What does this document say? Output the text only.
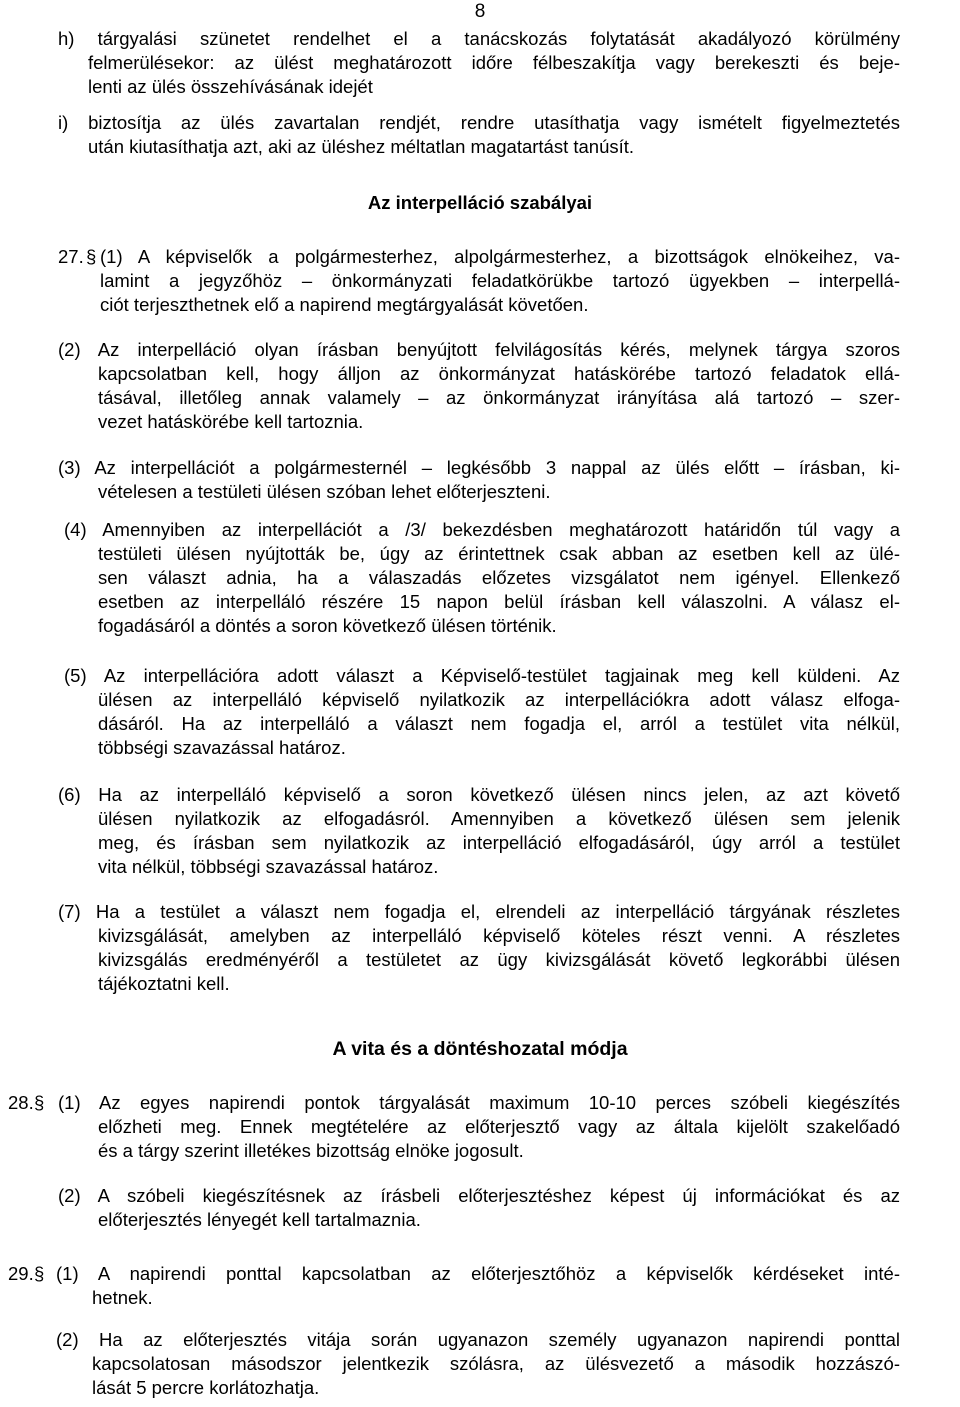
8
h) tárgyalási szünetet rendelhet el a tanácskozás folytatását akadályozó körülmény
felmerülésekor: az ülést meghatározott időre félbeszakítja vagy berekeszti és beje-
lenti az ülés összehívásának idejét
i) biztosítja az ülés zavartalan rendjét, rendre utasíthatja vagy ismételt figyelmeztetés
után kiutasíthatja azt, aki az üléshez méltatlan magatartást tanúsít.
Az interpelláció szabályai
27. § (1) A képviselők a polgármesterhez, alpolgármesterhez, a bizottságok elnökeihez, va-
lamint a jegyzőhöz – önkormányzati feladatkörükbe tartozó ügyekben – interpellá-
ciót terjeszthetnek elő a napirend megtárgyalását követően.
(2) Az interpelláció olyan írásban benyújtott felvilágosítás kérés, melynek tárgya szoros
kapcsolatban kell, hogy álljon az önkormányzat hatáskörébe tartozó feladatok ellá-
tásával, illetőleg annak valamely – az önkormányzat irányítása alá tartozó – szer-
vezet hatáskörébe kell tartoznia.
(3) Az interpellációt a polgármesternél – legkésőbb 3 nappal az ülés előtt – írásban, ki-
vételesen a testületi ülésen szóban lehet előterjeszteni.
(4) Amennyiben az interpellációt a /3/ bekezdésben meghatározott határidőn túl vagy a
testületi ülésen nyújtották be, úgy az érintettnek csak abban az esetben kell az ülé-
sen választ adnia, ha a válaszadás előzetes vizsgálatot nem igényel. Ellenkező
esetben az interpelláló részére 15 napon belül írásban kell válaszolni. A válasz el-
fogadásáról a döntés a soron következő ülésen történik.
(5) Az interpellációra adott választ a Képviselő-testület tagjainak meg kell küldeni. Az
ülésen az interpelláló képviselő nyilatkozik az interpellációkra adott válasz elfoga-
dásáról. Ha az interpelláló a választ nem fogadja el, arról a testület vita nélkül,
többségi szavazással határoz.
(6) Ha az interpelláló képviselő a soron következő ülésen nincs jelen, az azt követő
ülésen nyilatkozik az elfogadásról. Amennyiben a következő ülésen sem jelenik
meg, és írásban sem nyilatkozik az interpelláció elfogadásáról, úgy arról a testület
vita nélkül, többségi szavazással határoz.
(7) Ha a testület a választ nem fogadja el, elrendeli az interpelláció tárgyának részletes
kivizsgálását, amelyben az interpelláló képviselő köteles részt venni. A részletes
kivizsgálás eredményéről a testületet az ügy kivizsgálását követő legkorábbi ülésen
tájékoztatni kell.
A vita és a döntéshozatal módja
28. § (1) Az egyes napirendi pontok tárgyalását maximum 10-10 perces szóbeli kiegészítés
előzheti meg. Ennek megtételére az előterjesztő vagy az általa kijelölt szakelőadó
és a tárgy szerint illetékes bizottság elnöke jogosult.
(2) A szóbeli kiegészítésnek az írásbeli előterjesztéshez képest új információkat és az
előterjesztés lényegét kell tartalmaznia.
29. § (1) A napirendi ponttal kapcsolatban az előterjesztőhöz a képviselők kérdéseket inté-
hetnek.
(2) Ha az előterjesztés vitája során ugyanazon személy ugyanazon napirendi ponttal
kapcsolatosan másodszor jelentkezik szólásra, az ülésvezető a második hozzászó-
lását 5 percre korlátozhatja.
